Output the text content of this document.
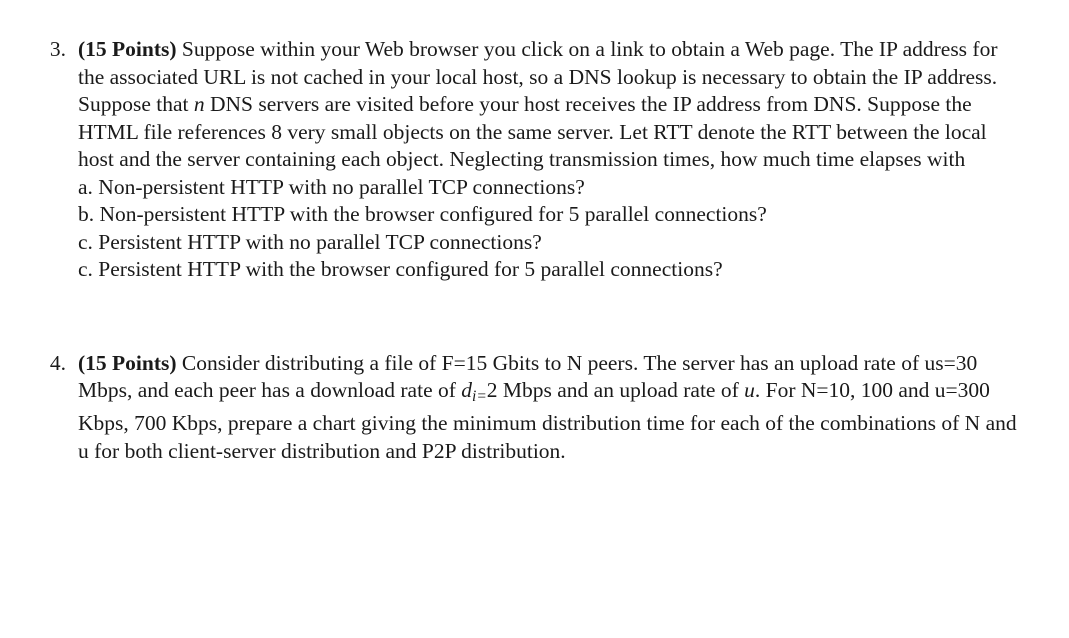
3. (15 Points) Suppose within your Web browser you click on a link to obtain a Web page. The IP address for the associated URL is not cached in your local host, so a DNS lookup is necessary to obtain the IP address. Suppose that n DNS servers are visited before your host receives the IP address from DNS. Suppose the HTML file references 8 very small objects on the same server. Let RTT denote the RTT between the local host and the server containing each object. Neglecting transmission times, how much time elapses with

a. Non-persistent HTTP with no parallel TCP connections?

b. Non-persistent HTTP with the browser configured for 5 parallel connections?

c. Persistent HTTP with no parallel TCP connections?

c. Persistent HTTP with the browser configured for 5 parallel connections?

4. (15 Points) Consider distributing a file of F=15 Gbits to N peers. The server has an upload rate of us=30 Mbps, and each peer has a download rate of $d_{i=}2$ Mbps and an upload rate of u. For N=10, 100 and u=300 Kbps, 700 Kbps, prepare a chart giving the minimum distribution time for each of the combinations of N and u for both client-server distribution and P2P distribution.
